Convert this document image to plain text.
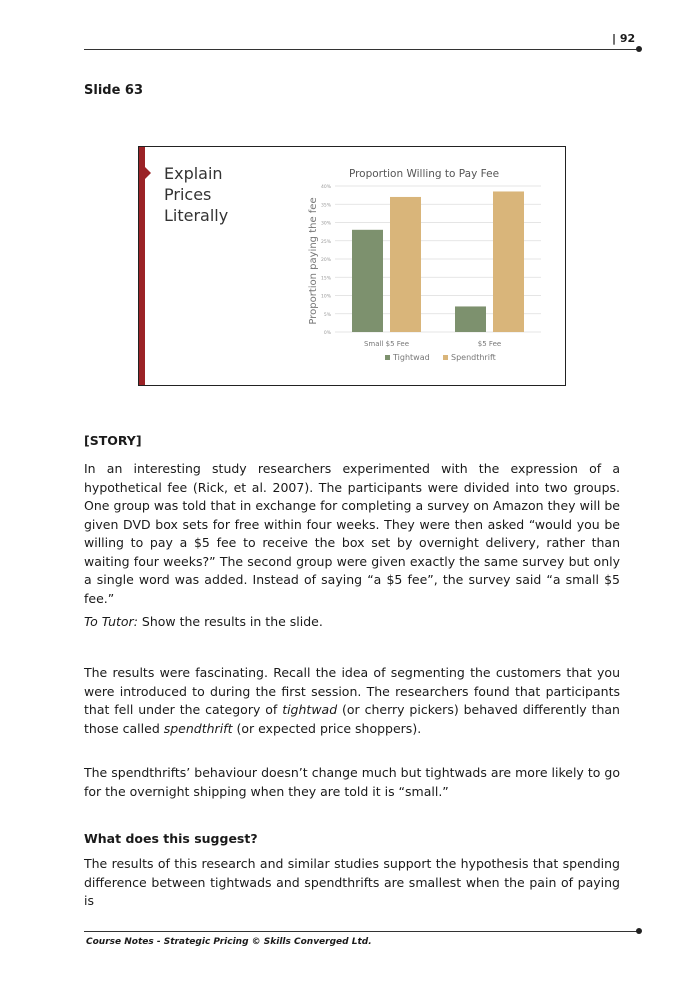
| 92
Slide 63
Explain
Prices
Literally
Proportion Willing to Pay Fee
0%
5%
10%
15%
20%
25%
30%
35%
40%
Proportion paying the fee
Small $5 Fee	$5 Fee
Tightwad	Spendthrift

[STORY]

In an interesting study researchers experimented with the expression of a hypothetical fee (Rick, et al. 2007). The participants were divided into two groups. One group was told that in exchange for completing a survey on Amazon they will be given DVD box sets for free within four weeks. They were then asked “would you be willing to pay a $5 fee to receive the box set by overnight delivery, rather than waiting four weeks?” The second group were given exactly the same survey but only a single word was added. Instead of saying “a $5 fee”, the survey said “a small $5 fee.”

To Tutor: Show the results in the slide.

The results were fascinating. Recall the idea of segmenting the customers that you were introduced to during the first session. The researchers found that participants that fell under the category of tightwad (or cherry pickers) behaved differently than those called spendthrift (or expected price shoppers).

The spendthrifts’ behaviour doesn’t change much but tightwads are more likely to go for the overnight shipping when they are told it is “small.”

What does this suggest?

The results of this research and similar studies support the hypothesis that spending difference between tightwads and spendthrifts are smallest when the pain of paying is

Course Notes - Strategic Pricing © Skills Converged Ltd.
